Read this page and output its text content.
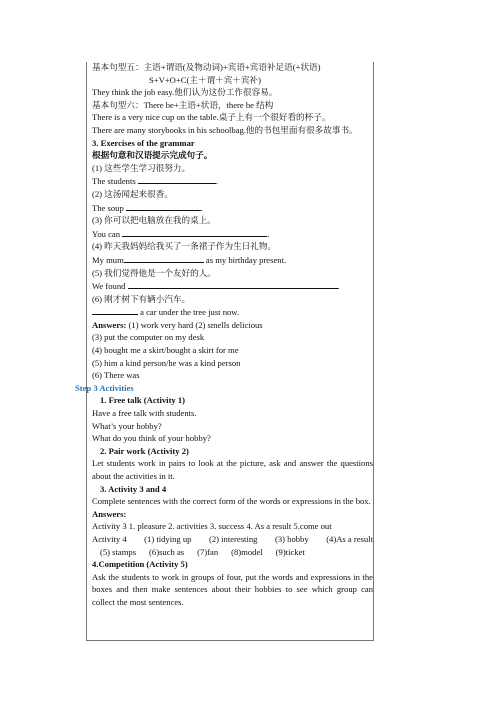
基本句型五：主语+谓语(及物动词)+宾语+宾语补足语(+状语)
S+V+O+C(主＋谓＋宾＋宾补)
They think the job easy.他们认为这份工作很容易。
基本句型六：There be+主语+状语，there be 结构
There is a very nice cup on the table.桌子上有一个很好看的杯子。
There are many storybooks in his schoolbag.他的书包里面有很多故事书。
3. Exercises of the grammar
根据句意和汉语提示完成句子。
(1) 这些学生学习很努力。
The students	.
(2) 这汤闻起来很香。
The soup	.
(3) 你可以把电脑放在我的桌上。
You can	.
(4) 昨天我妈妈给我买了一条裙子作为生日礼物。
My mum	as my birthday present.
(5) 我们觉得他是一个友好的人。
We found	.
(6) 刚才树下有辆小汽车。
a car under the tree just now.
Answers: (1) work very hard (2) smells delicious
(3) put the computer on my desk
(4) bought me a skirt/bought a skirt for me
(5) him a kind person/he was a kind person
(6) There was
Step 3 Activities
1. Free talk (Activity 1)
Have a free talk with students.
What’s your hobby?
What do you think of your hobby?
2. Pair work (Activity 2)
Let students work in pairs to look at the picture, ask and answer the questions about the activities in it.
3. Activity 3 and 4
Complete sentences with the correct form of the words or expressions in the box.
Answers:
Activity 3 1. pleasure 2. activities 3. success 4. As a result 5.come out
Activity 4 (1) tidying up (2) interesting (3) hobby (4)As a result
(5) stamps (6)such as (7)fan (8)model (9)ticket
4.Competition (Activity 5)
Ask the students to work in groups of four, put the words and expressions in the boxes and then make sentences about their hobbies to see which group can collect the most sentences.
